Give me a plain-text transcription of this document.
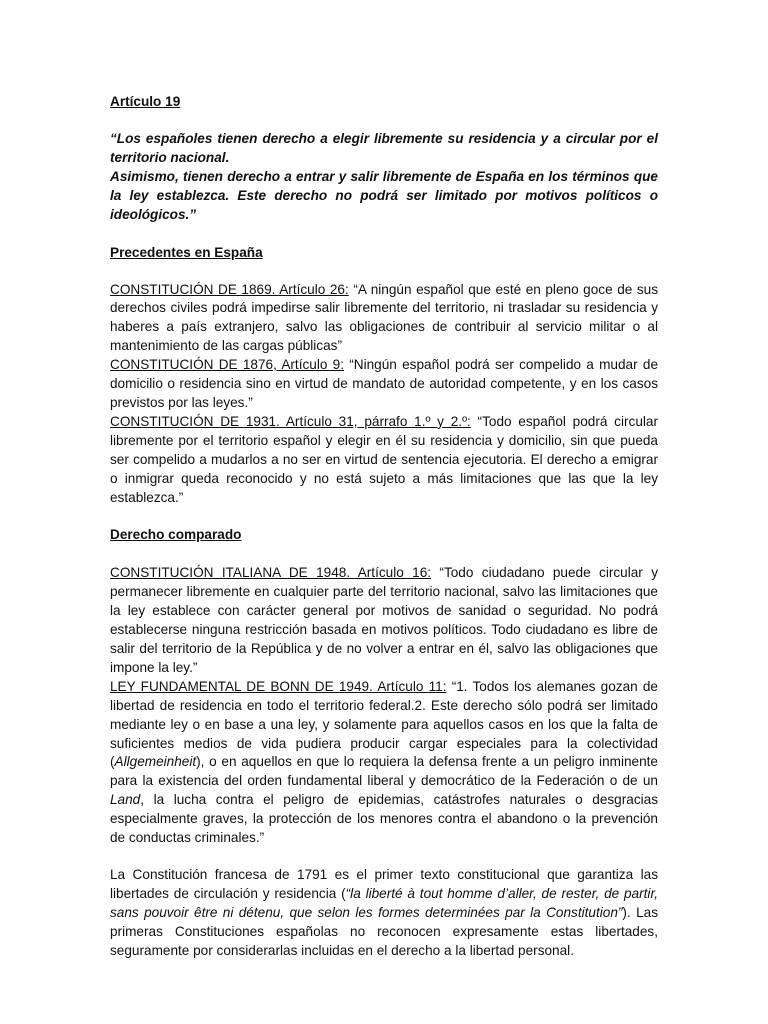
Artículo 19

“Los españoles tienen derecho a elegir libremente su residencia y a circular por el territorio nacional.

Asimismo, tienen derecho a entrar y salir libremente de España en los términos que la ley establezca. Este derecho no podrá ser limitado por motivos políticos o ideológicos.”

Precedentes en España

CONSTITUCIÓN DE 1869. Artículo 26: “A ningún español que esté en pleno goce de sus derechos civiles podrá impedirse salir libremente del territorio, ni trasladar su residencia y haberes a país extranjero, salvo las obligaciones de contribuir al servicio militar o al mantenimiento de las cargas públicas”

CONSTITUCIÓN DE 1876, Artículo 9: “Ningún español podrá ser compelido a mudar de domicilio o residencia sino en virtud de mandato de autoridad competente, y en los casos previstos por las leyes.”

CONSTITUCIÓN DE 1931. Artículo 31, párrafo 1.º y 2.º: “Todo español podrá circular libremente por el territorio español y elegir en él su residencia y domicilio, sin que pueda ser compelido a mudarlos a no ser en virtud de sentencia ejecutoria. El derecho a emigrar o inmigrar queda reconocido y no está sujeto a más limitaciones que las que la ley establezca.”

Derecho comparado

CONSTITUCIÓN ITALIANA DE 1948. Artículo 16: “Todo ciudadano puede circular y permanecer libremente en cualquier parte del territorio nacional, salvo las limitaciones que la ley establece con carácter general por motivos de sanidad o seguridad. No podrá establecerse ninguna restricción basada en motivos políticos. Todo ciudadano es libre de salir del territorio de la República y de no volver a entrar en él, salvo las obligaciones que impone la ley.”

LEY FUNDAMENTAL DE BONN DE 1949. Artículo 11: “1. Todos los alemanes gozan de libertad de residencia en todo el territorio federal.2. Este derecho sólo podrá ser limitado mediante ley o en base a una ley, y solamente para aquellos casos en los que la falta de suficientes medios de vida pudiera producir cargar especiales para la colectividad (Allgemeinheit), o en aquellos en que lo requiera la defensa frente a un peligro inminente para la existencia del orden fundamental liberal y democrático de la Federación o de un Land, la lucha contra el peligro de epidemias, catástrofes naturales o desgracias especialmente graves, la protección de los menores contra el abandono o la prevención de conductas criminales.”

La Constitución francesa de 1791 es el primer texto constitucional que garantiza las libertades de circulación y residencia (“la liberté à tout homme d’aller, de rester, de partir, sans pouvoir être ni détenu, que selon les formes determinées par la Constitution”). Las primeras Constituciones españolas no reconocen expresamente estas libertades, seguramente por considerarlas incluidas en el derecho a la libertad personal.
